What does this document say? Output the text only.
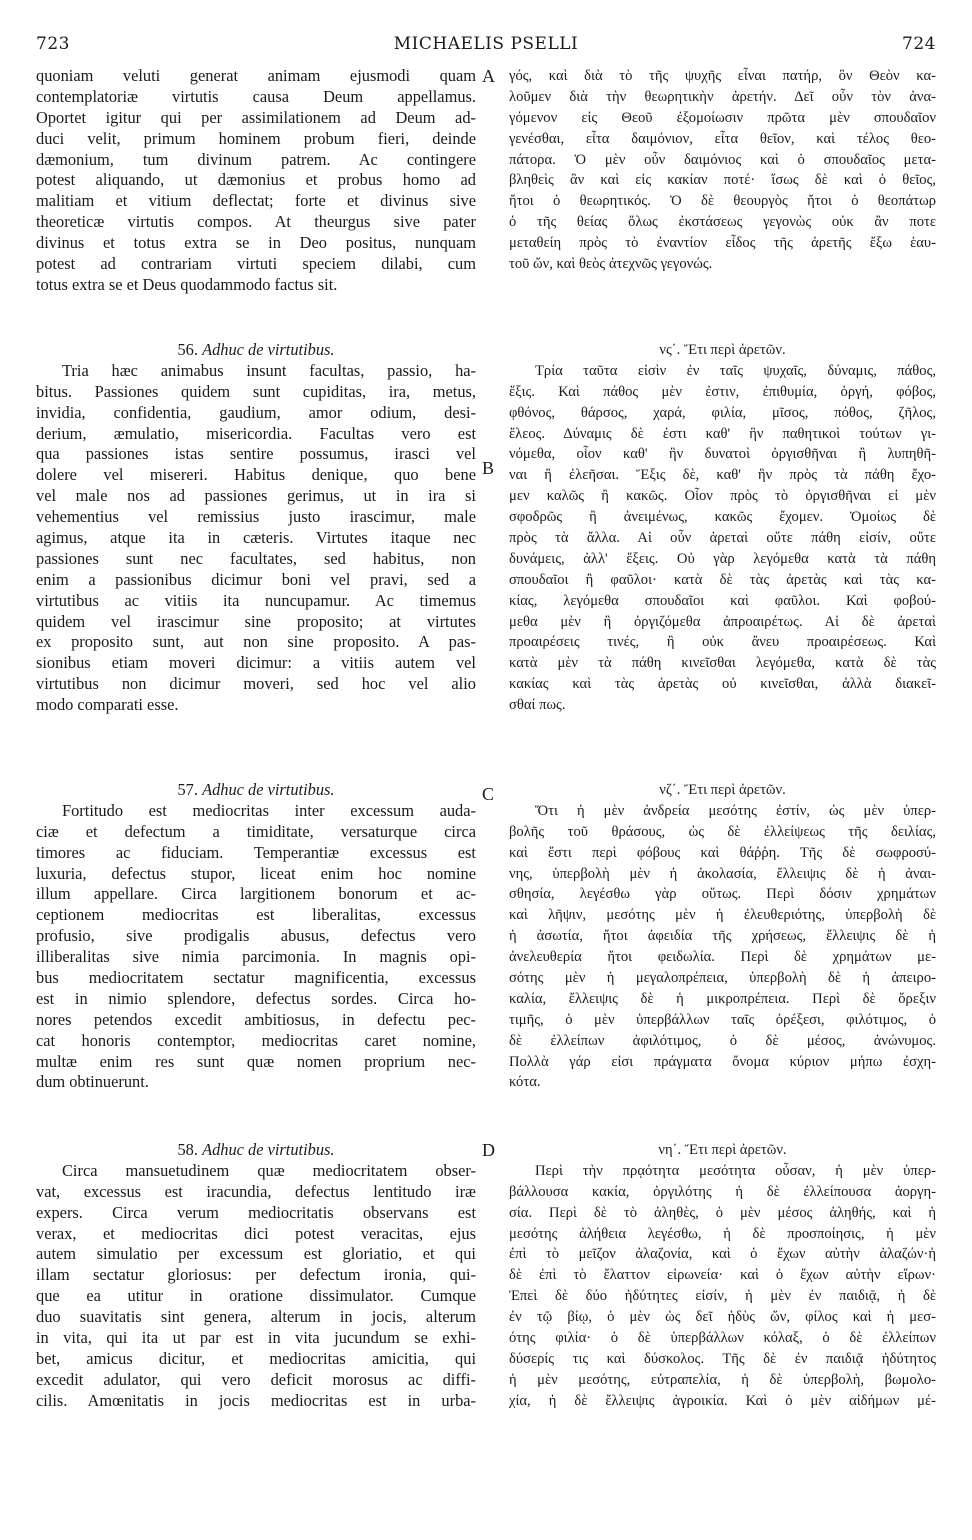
MICHAELIS PSELLI
723	724
A
B
C
D
quoniam veluti generat animam ejusmodi quam
contemplatoriæ virtutis causa Deum appellamus.
Oportet igitur qui per assimilationem ad Deum ad-
duci velit, primum hominem probum fieri, deinde
dæmonium, tum divinum patrem. Ac contingere
potest aliquando, ut dæmonius et probus homo ad
malitiam et vitium deflectat; forte et divinus sive
theoreticæ virtutis compos. At theurgus sive pater
divinus et totus extra se in Deo positus, nunquam
potest ad contrariam virtuti speciem dilabi, cum
totus extra se et Deus quodammodo factus sit.
56. Adhuc de virtutibus.
Tria hæc animabus insunt facultas, passio, ha-
bitus. Passiones quidem sunt cupiditas, ira, metus,
invidia, confidentia, gaudium, amor odium, desi-
derium, æmulatio, misericordia. Facultas vero est
qua passiones istas sentire possumus, irasci vel
dolere vel misereri. Habitus denique, quo bene
vel male nos ad passiones gerimus, ut in ira si
vehementius vel remissius justo irascimur, male
agimus, atque ita in cæteris. Virtutes itaque nec
passiones sunt nec facultates, sed habitus, non
enim a passionibus dicimur boni vel pravi, sed a
virtutibus ac vitiis ita nuncupamur. Ac timemus
quidem vel irascimur sine proposito; at virtutes
ex proposito sunt, aut non sine proposito. A pas-
sionibus etiam moveri dicimur: a vitiis autem vel
virtutibus non dicimur moveri, sed hoc vel alio
modo comparati esse.
57. Adhuc de virtutibus.
Fortitudo est mediocritas inter excessum auda-
ciæ et defectum a timiditate, versaturque circa
timores ac fiduciam. Temperantiæ excessus est
luxuria, defectus stupor, liceat enim hoc nomine
illum appellare. Circa largitionem bonorum et ac-
ceptionem mediocritas est liberalitas, excessus
profusio, sive prodigalis abusus, defectus vero
illiberalitas sive nimia parcimonia. In magnis opi-
bus mediocritatem sectatur magnificentia, excessus
est in nimio splendore, defectus sordes. Circa ho-
nores petendos excedit ambitiosus, in defectu pec-
cat honoris contemptor, mediocritas caret nomine,
multæ enim res sunt quæ nomen proprium nec-
dum obtinuerunt.
58. Adhuc de virtutibus.
Circa mansuetudinem quæ mediocritatem obser-
vat, excessus est iracundia, defectus lentitudo iræ
expers. Circa verum mediocritatis observans est
verax, et mediocritas dici potest veracitas, ejus
autem simulatio per excessum est gloriatio, et qui
illam sectatur gloriosus: per defectum ironia, qui-
que ea utitur in oratione dissimulator. Cumque
duo suavitatis sint genera, alterum in jocis, alterum
in vita, qui ita ut par est in vita jucundum se exhi-
bet, amicus dicitur, et mediocritas amicitia, qui
excedit adulator, qui vero deficit morosus ac diffi-
cilis. Amœnitatis in jocis mediocritas est in urba-
γός, καὶ διὰ τὸ τῆς ψυχῆς εἶναι πατήρ, ὃν Θεὸν κα-
λοῦμεν διὰ τὴν θεωρητικὴν ἀρετήν. Δεῖ οὖν τὸν ἀνα-
γόμενον εἰς Θεοῦ ἐξομοίωσιν πρῶτα μὲν σπουδαῖον
γενέσθαι, εἶτα δαιμόνιον, εἶτα θεῖον, καὶ τέλος θεο-
πάτορα. Ὁ μὲν οὖν δαιμόνιος καὶ ὁ σπουδαῖος μετα-
βληθεὶς ἂν καὶ εἰς κακίαν ποτέ· ἴσως δὲ καὶ ὁ θεῖος,
ἤτοι ὁ θεωρητικός. Ὁ δὲ θεουργὸς ἤτοι ὁ θεοπάτωρ
ὁ τῆς θείας ὅλως ἐκστάσεως γεγονὼς οὐκ ἂν ποτε
μεταθείη πρὸς τὸ ἐναντίον εἶδος τῆς ἀρετῆς ἔξω ἑαυ-
τοῦ ὤν, καὶ θεὸς ἀτεχνῶς γεγονώς.
νς΄. Ἔτι περὶ ἀρετῶν.
Τρία ταῦτα εἰσὶν ἐν ταῖς ψυχαῖς, δύναμις, πάθος,
ἕξις. Καὶ πάθος μὲν ἐστιν, ἐπιθυμία, ὀργή, φόβος,
φθόνος, θάρσος, χαρά, φιλία, μῖσος, πόθος, ζῆλος,
ἔλεος. Δύναμις δὲ ἐστι καθ' ἣν παθητικοὶ τούτων γι-
νόμεθα, οἷον καθ' ἣν δυνατοὶ ὀργισθῆναι ἢ λυπηθῆ-
ναι ἢ ἐλεῆσαι. Ἕξις δὲ, καθ' ἣν πρὸς τὰ πάθη ἔχο-
μεν καλῶς ἢ κακῶς. Οἷον πρὸς τὸ ὀργισθῆναι εἰ μὲν
σφοδρῶς ἢ ἀνειμένως, κακῶς ἔχομεν. Ὁμοίως δὲ
πρὸς τὰ ἄλλα. Αἱ οὖν ἀρεταὶ οὔτε πάθη εἰσίν, οὔτε
δυνάμεις, ἀλλ' ἕξεις. Οὐ γὰρ λεγόμεθα κατὰ τὰ πάθη
σπουδαῖοι ἢ φαῦλοι· κατὰ δὲ τὰς ἀρετὰς καὶ τὰς κα-
κίας, λεγόμεθα σπουδαῖοι καὶ φαῦλοι. Καὶ φοβού-
μεθα μὲν ἢ ὀργιζόμεθα ἀπροαιρέτως. Αἱ δὲ ἀρεταὶ
προαιρέσεις τινές, ἢ οὐκ ἄνευ προαιρέσεως. Καὶ
κατὰ μὲν τὰ πάθη κινεῖσθαι λεγόμεθα, κατὰ δὲ τὰς
κακίας καὶ τὰς ἀρετὰς οὐ κινεῖσθαι, ἀλλὰ διακεῖ-
σθαί πως.
νζ΄. Ἔτι περὶ ἀρετῶν.
Ὅτι ἡ μὲν ἀνδρεία μεσότης ἐστίν, ὡς μὲν ὑπερ-
βολῆς τοῦ θράσους, ὡς δὲ ἐλλείψεως τῆς δειλίας,
καὶ ἔστι περὶ φόβους καὶ θάῤῥη. Τῆς δὲ σωφροσύ-
νης, ὑπερβολὴ μὲν ἡ ἀκολασία, ἔλλειψις δὲ ἡ ἀναι-
σθησία, λεγέσθω γὰρ οὕτως. Περὶ δόσιν χρημάτων
καὶ λῆψιν, μεσότης μὲν ἡ ἐλευθεριότης, ὑπερβολὴ δὲ
ἡ ἀσωτία, ἤτοι ἀφειδία τῆς χρήσεως, ἔλλειψις δὲ ἡ
ἀνελευθερία ἤτοι φειδωλία. Περὶ δὲ χρημάτων με-
σότης μὲν ἡ μεγαλοπρέπεια, ὑπερβολὴ δὲ ἡ ἀπειρο-
καλία, ἔλλειψις δὲ ἡ μικροπρέπεια. Περὶ δὲ ὄρεξιν
τιμῆς, ὁ μὲν ὑπερβάλλων ταῖς ὀρέξεσι, φιλότιμος, ὁ
δὲ ἐλλείπων ἀφιλότιμος, ὁ δὲ μέσος, ἀνώνυμος.
Πολλὰ γάρ εἰσι πράγματα ὄνομα κύριον μήπω ἐσχη-
κότα.
νη΄. Ἔτι περὶ ἀρετῶν.
Περὶ τὴν πρᾳότητα μεσότητα οὖσαν, ἡ μὲν ὑπερ-
βάλλουσα κακία, ὀργιλότης ἡ δὲ ἐλλείπουσα ἀοργη-
σία. Περὶ δὲ τὸ ἀληθὲς, ὁ μὲν μέσος ἀληθής, καὶ ἡ
μεσότης ἀλήθεια λεγέσθω, ἡ δὲ προσποίησις, ἡ μὲν
ἐπὶ τὸ μεῖζον ἀλαζονία, καὶ ὁ ἔχων αὐτὴν ἀλαζών·ἡ
δὲ ἐπὶ τὸ ἔλαττον εἰρωνεία· καὶ ὁ ἔχων αὐτὴν εἴρων·
Ἐπεὶ δὲ δύο ἡδύτητες εἰσίν, ἡ μὲν ἐν παιδιᾷ, ἡ δὲ
ἐν τῷ βίῳ, ὁ μὲν ὡς δεῖ ἡδὺς ὤν, φίλος καὶ ἡ μεσ-
ότης φιλία· ὁ δὲ ὑπερβάλλων κόλαξ, ὁ δὲ ἐλλείπων
δύσερίς τις καὶ δύσκολος. Τῆς δὲ ἐν παιδιᾷ ἡδύτητος
ἡ μὲν μεσότης, εὐτραπελία, ἡ δὲ ὑπερβολὴ, βωμολο-
χία, ἡ δὲ ἔλλειψις ἀγροικία. Καὶ ὁ μὲν αἰδήμων μέ-
